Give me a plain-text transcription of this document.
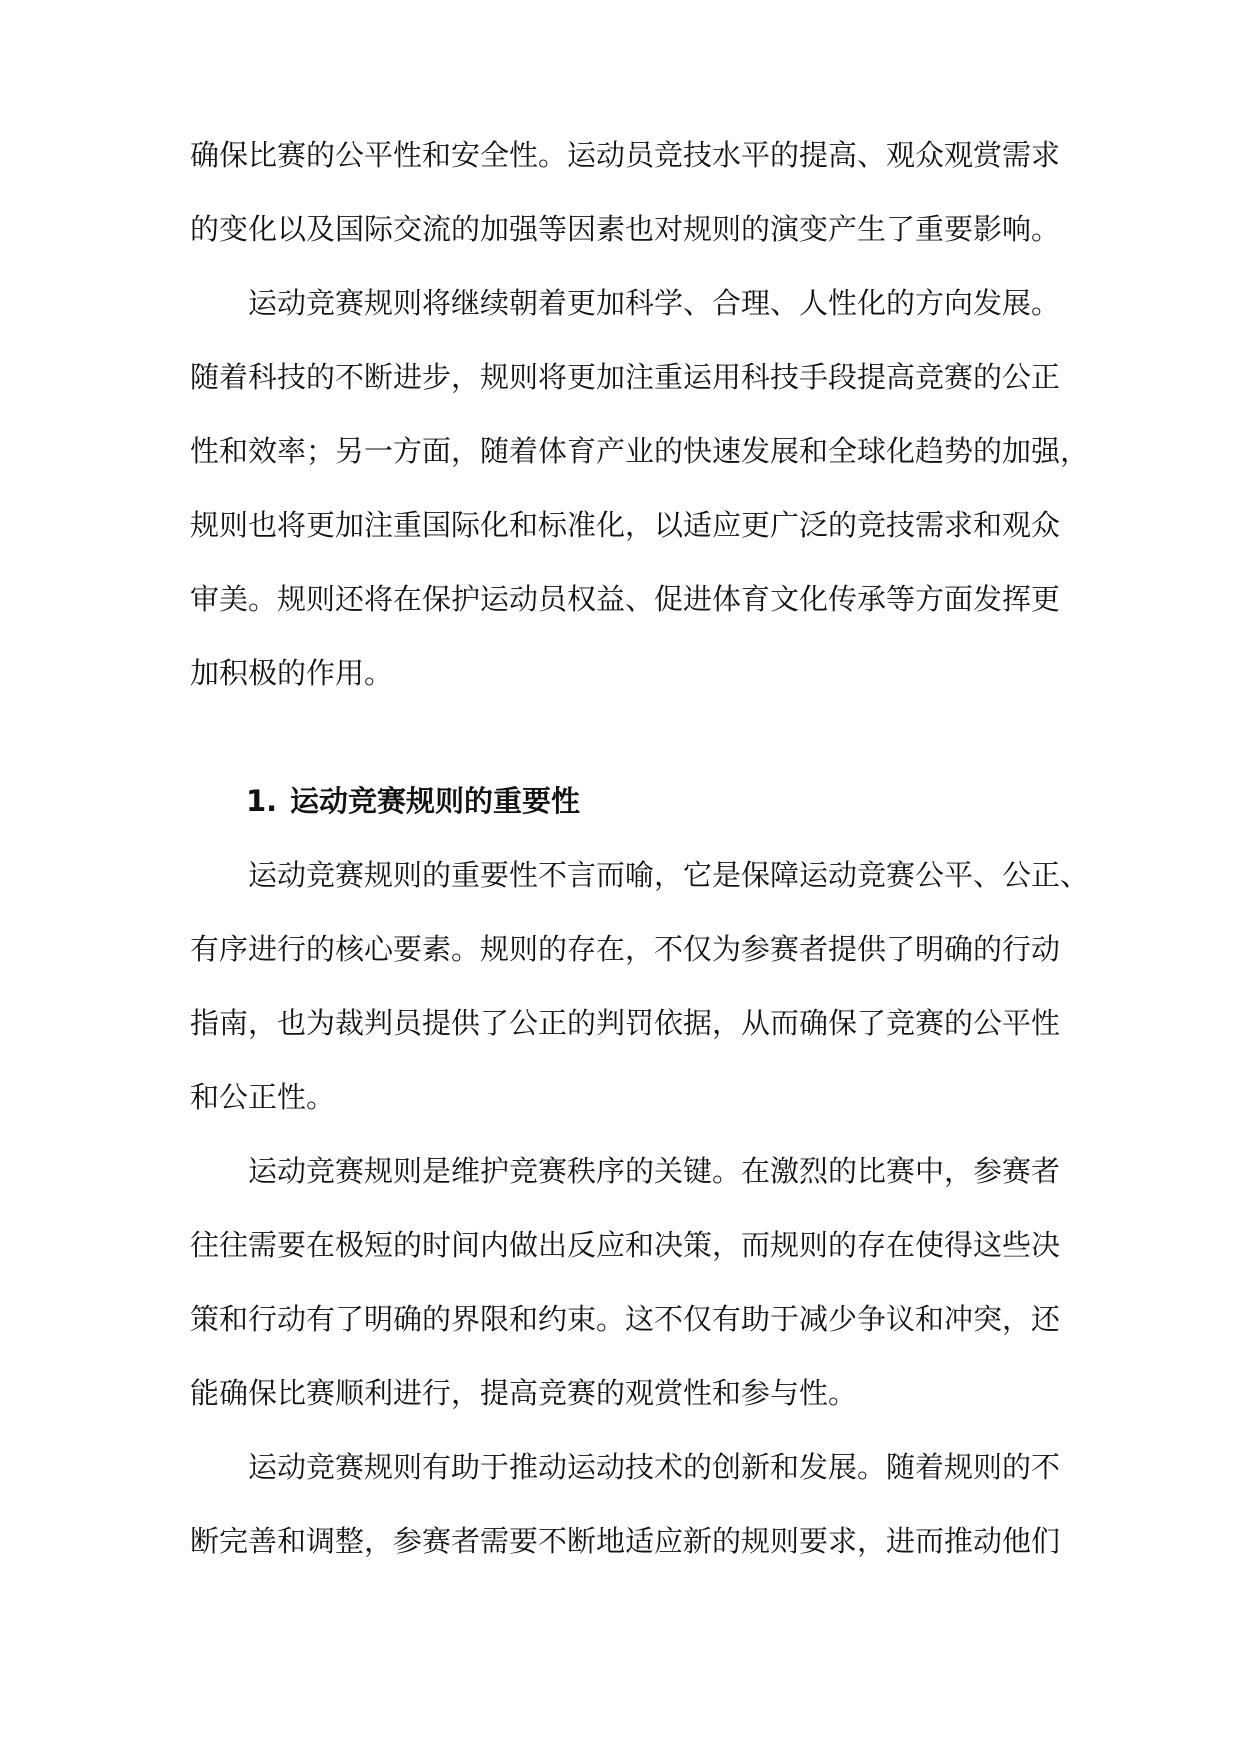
确保比赛的公平性和安全性。运动员竞技水平的提高、观众观赏需求
的变化以及国际交流的加强等因素也对规则的演变产生了重要影响。
运动竞赛规则将继续朝着更加科学、合理、人性化的方向发展。
随着科技的不断进步，规则将更加注重运用科技手段提高竞赛的公正
性和效率；另一方面，随着体育产业的快速发展和全球化趋势的加强，
规则也将更加注重国际化和标准化，以适应更广泛的竞技需求和观众
审美。规则还将在保护运动员权益、促进体育文化传承等方面发挥更
加积极的作用。
1. 运动竞赛规则的重要性
运动竞赛规则的重要性不言而喻，它是保障运动竞赛公平、公正、
有序进行的核心要素。规则的存在，不仅为参赛者提供了明确的行动
指南，也为裁判员提供了公正的判罚依据，从而确保了竞赛的公平性
和公正性。
运动竞赛规则是维护竞赛秩序的关键。在激烈的比赛中，参赛者
往往需要在极短的时间内做出反应和决策，而规则的存在使得这些决
策和行动有了明确的界限和约束。这不仅有助于减少争议和冲突，还
能确保比赛顺利进行，提高竞赛的观赏性和参与性。
运动竞赛规则有助于推动运动技术的创新和发展。随着规则的不
断完善和调整，参赛者需要不断地适应新的规则要求，进而推动他们
